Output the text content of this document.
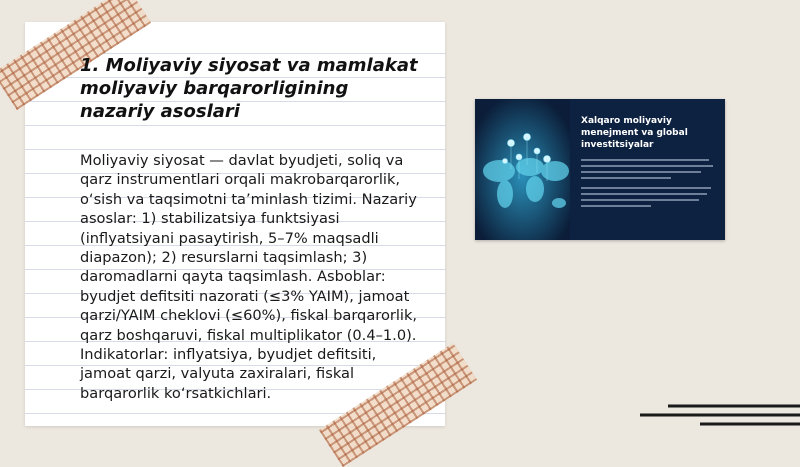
1. Moliyaviy siyosat va mamlakat moliyaviy barqarorligining nazariy asoslari

Moliyaviy siyosat — davlat byudjeti, soliq va qarz instrumentlari orqali makrobarqarorlik, o‘sish va taqsimotni ta’minlash tizimi. Nazariy asoslar: 1) stabilizatsiya funktsiyasi (inflyatsiyani pasaytirish, 5–7% maqsadli diapazon); 2) resurslarni taqsimlash; 3) daromadlarni qayta taqsimlash. Asboblar: byudjet defitsiti nazorati (≤3% YAIM), jamoat qarzi/YAIM cheklovi (≤60%), fiskal barqarorlik, qarz boshqaruvi, fiskal multiplikator (0.4–1.0). Indikatorlar: inflyatsiya, byudjet defitsiti, jamoat qarzi, valyuta zaxiralari, fiskal barqarorlik ko‘rsatkichlari.

Xalqaro moliyaviy menejment va global investitsiyalar
